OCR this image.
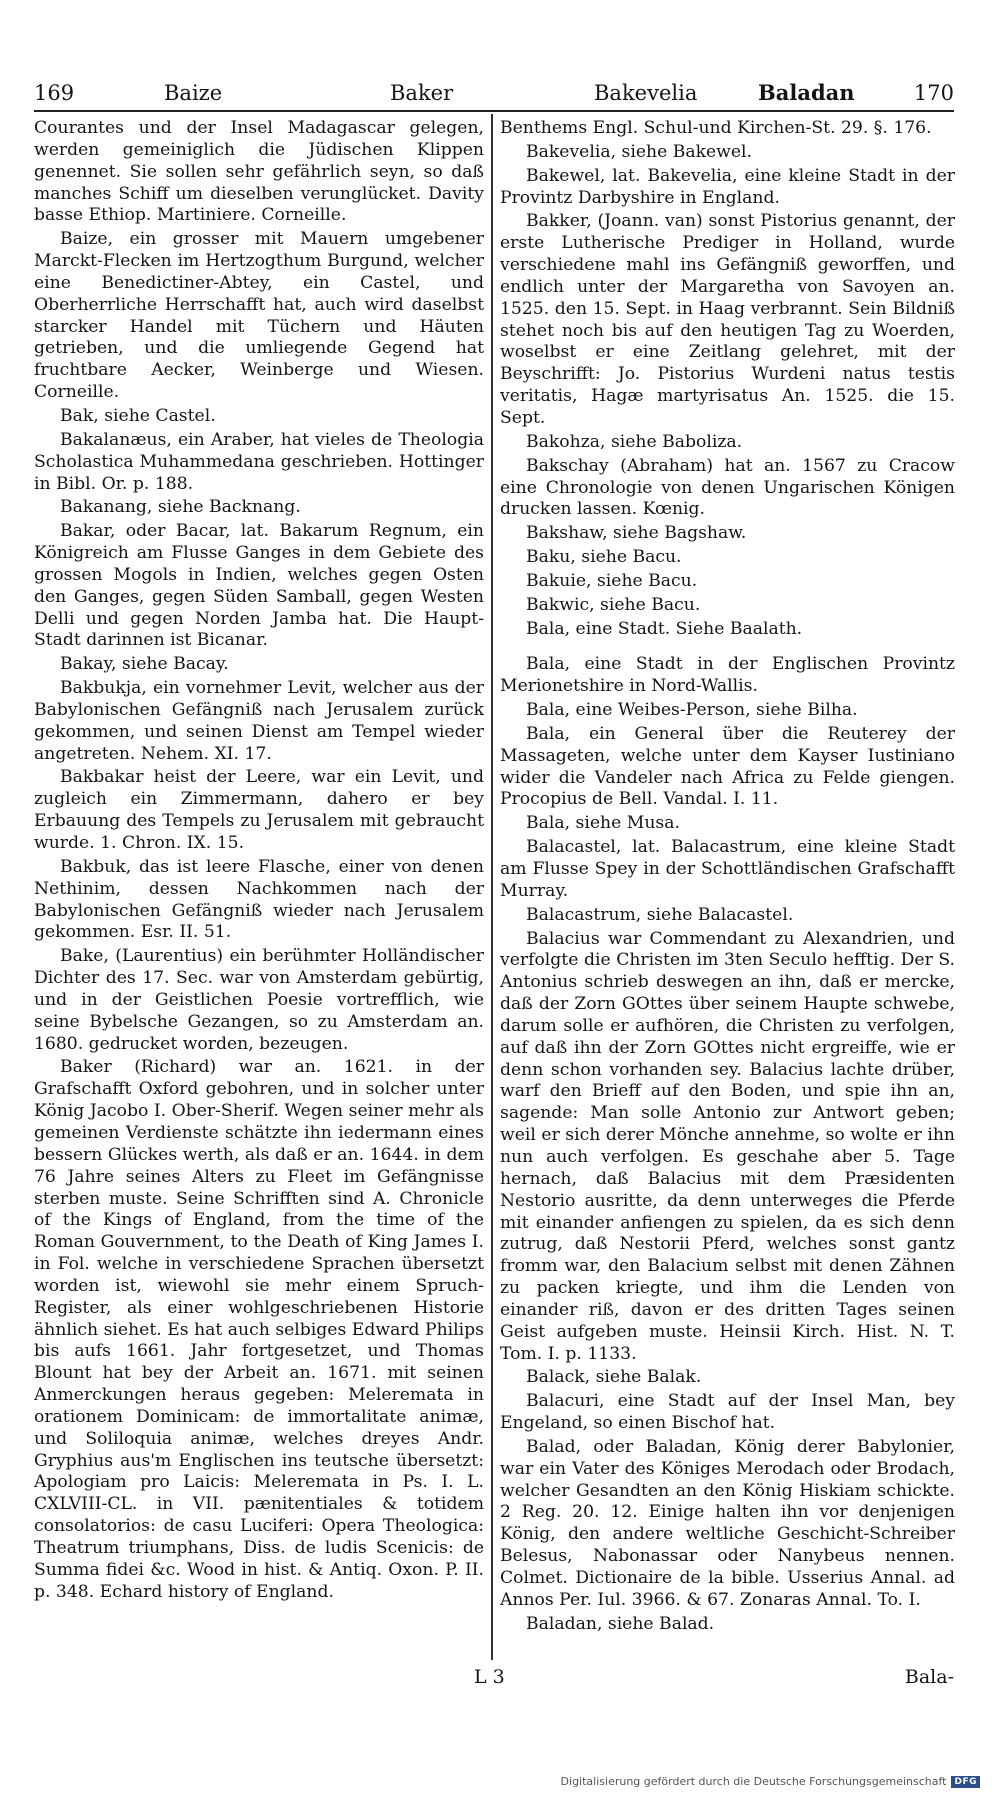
169	Baize	Baker	Bakevelia	Baladan	170

Courantes und der Insel Madagascar gelegen, werden gemeiniglich die Jüdischen Klippen genennet. Sie sollen sehr gefährlich seyn, so daß manches Schiff um dieselben verunglücket. Davity basse Ethiop. Martiniere. Corneille.

Baize, ein grosser mit Mauern umgebener Marckt-Flecken im Hertzogthum Burgund, welcher eine Benedictiner-Abtey, ein Castel, und Oberherrliche Herrschafft hat, auch wird daselbst starcker Handel mit Tüchern und Häuten getrieben, und die umliegende Gegend hat fruchtbare Aecker, Weinberge und Wiesen. Corneille.

Bak, siehe Castel.

Bakalanæus, ein Araber, hat vieles de Theologia Scholastica Muhammedana geschrieben. Hottinger in Bibl. Or. p. 188.

Bakanang, siehe Backnang.

Bakar, oder Bacar, lat. Bakarum Regnum, ein Königreich am Flusse Ganges in dem Gebiete des grossen Mogols in Indien, welches gegen Osten den Ganges, gegen Süden Samball, gegen Westen Delli und gegen Norden Jamba hat. Die Haupt-Stadt darinnen ist Bicanar.

Bakay, siehe Bacay.

Bakbukja, ein vornehmer Levit, welcher aus der Babylonischen Gefängniß nach Jerusalem zurück gekommen, und seinen Dienst am Tempel wieder angetreten. Nehem. XI. 17.

Bakbakar heist der Leere, war ein Levit, und zugleich ein Zimmermann, dahero er bey Erbauung des Tempels zu Jerusalem mit gebraucht wurde. 1. Chron. IX. 15.

Bakbuk, das ist leere Flasche, einer von denen Nethinim, dessen Nachkommen nach der Babylonischen Gefängniß wieder nach Jerusalem gekommen. Esr. II. 51.

Bake, (Laurentius) ein berühmter Holländischer Dichter des 17. Sec. war von Amsterdam gebürtig, und in der Geistlichen Poesie vortrefflich, wie seine Bybelsche Gezangen, so zu Amsterdam an. 1680. gedrucket worden, bezeugen.

Baker (Richard) war an. 1621. in der Grafschafft Oxford gebohren, und in solcher unter König Jacobo I. Ober-Sherif. Wegen seiner mehr als gemeinen Verdienste schätzte ihn iedermann eines bessern Glückes werth, als daß er an. 1644. in dem 76 Jahre seines Alters zu Fleet im Gefängnisse sterben muste. Seine Schrifften sind A. Chronicle of the Kings of England, from the time of the Roman Gouvernment, to the Death of King James I. in Fol. welche in verschiedene Sprachen übersetzt worden ist, wiewohl sie mehr einem Spruch-Register, als einer wohlgeschriebenen Historie ähnlich siehet. Es hat auch selbiges Edward Philips bis aufs 1661. Jahr fortgesetzet, und Thomas Blount hat bey der Arbeit an. 1671. mit seinen Anmerckungen heraus gegeben: Meleremata in orationem Dominicam: de immortalitate animæ, und Soliloquia animæ, welches dreyes Andr. Gryphius aus'm Englischen ins teutsche übersetzt: Apologiam pro Laicis: Meleremata in Ps. I. L. CXLVIII-CL. in VII. pænitentiales & totidem consolatorios: de casu Luciferi: Opera Theologica: Theatrum triumphans, Diss. de ludis Scenicis: de Summa fidei &c. Wood in hist. & Antiq. Oxon. P. II. p. 348. Echard history of England.

Benthems Engl. Schul-und Kirchen-St. 29. §. 176.

Bakevelia, siehe Bakewel.

Bakewel, lat. Bakevelia, eine kleine Stadt in der Provintz Darbyshire in England.

Bakker, (Joann. van) sonst Pistorius genannt, der erste Lutherische Prediger in Holland, wurde verschiedene mahl ins Gefängniß geworffen, und endlich unter der Margaretha von Savoyen an. 1525. den 15. Sept. in Haag verbrannt. Sein Bildniß stehet noch bis auf den heutigen Tag zu Woerden, woselbst er eine Zeitlang gelehret, mit der Beyschrifft: Jo. Pistorius Wurdeni natus testis veritatis, Hagæ martyrisatus An. 1525. die 15. Sept.

Bakohza, siehe Baboliza.

Bakschay (Abraham) hat an. 1567 zu Cracow eine Chronologie von denen Ungarischen Königen drucken lassen. Kœnig.

Bakshaw, siehe Bagshaw.

Baku, siehe Bacu.

Bakuie, siehe Bacu.

Bakwic, siehe Bacu.

Bala, eine Stadt. Siehe Baalath.

Bala, eine Stadt in der Englischen Provintz Merionetshire in Nord-Wallis.

Bala, eine Weibes-Person, siehe Bilha.

Bala, ein General über die Reuterey der Massageten, welche unter dem Kayser Iustiniano wider die Vandeler nach Africa zu Felde giengen. Procopius de Bell. Vandal. I. 11.

Bala, siehe Musa.

Balacastel, lat. Balacastrum, eine kleine Stadt am Flusse Spey in der Schottländischen Grafschafft Murray.

Balacastrum, siehe Balacastel.

Balacius war Commendant zu Alexandrien, und verfolgte die Christen im 3ten Seculo hefftig. Der S. Antonius schrieb deswegen an ihn, daß er mercke, daß der Zorn GOttes über seinem Haupte schwebe, darum solle er aufhören, die Christen zu verfolgen, auf daß ihn der Zorn GOttes nicht ergreiffe, wie er denn schon vorhanden sey. Balacius lachte drüber, warf den Brieff auf den Boden, und spie ihn an, sagende: Man solle Antonio zur Antwort geben; weil er sich derer Mönche annehme, so wolte er ihn nun auch verfolgen. Es geschahe aber 5. Tage hernach, daß Balacius mit dem Præsidenten Nestorio ausritte, da denn unterweges die Pferde mit einander anfiengen zu spielen, da es sich denn zutrug, daß Nestorii Pferd, welches sonst gantz fromm war, den Balacium selbst mit denen Zähnen zu packen kriegte, und ihm die Lenden von einander riß, davon er des dritten Tages seinen Geist aufgeben muste. Heinsii Kirch. Hist. N. T. Tom. I. p. 1133.

Balack, siehe Balak.

Balacuri, eine Stadt auf der Insel Man, bey Engeland, so einen Bischof hat.

Balad, oder Baladan, König derer Babylonier, war ein Vater des Königes Merodach oder Brodach, welcher Gesandten an den König Hiskiam schickte. 2 Reg. 20. 12. Einige halten ihn vor denjenigen König, den andere weltliche Geschicht-Schreiber Belesus, Nabonassar oder Nanybeus nennen. Colmet. Dictionaire de la bible. Usserius Annal. ad Annos Per. Iul. 3966. & 67. Zonaras Annal. To. I.

Baladan, siehe Balad.

L 3	Bala-
Digitalisierung gefördert durch die Deutsche Forschungsgemeinschaft DFG
